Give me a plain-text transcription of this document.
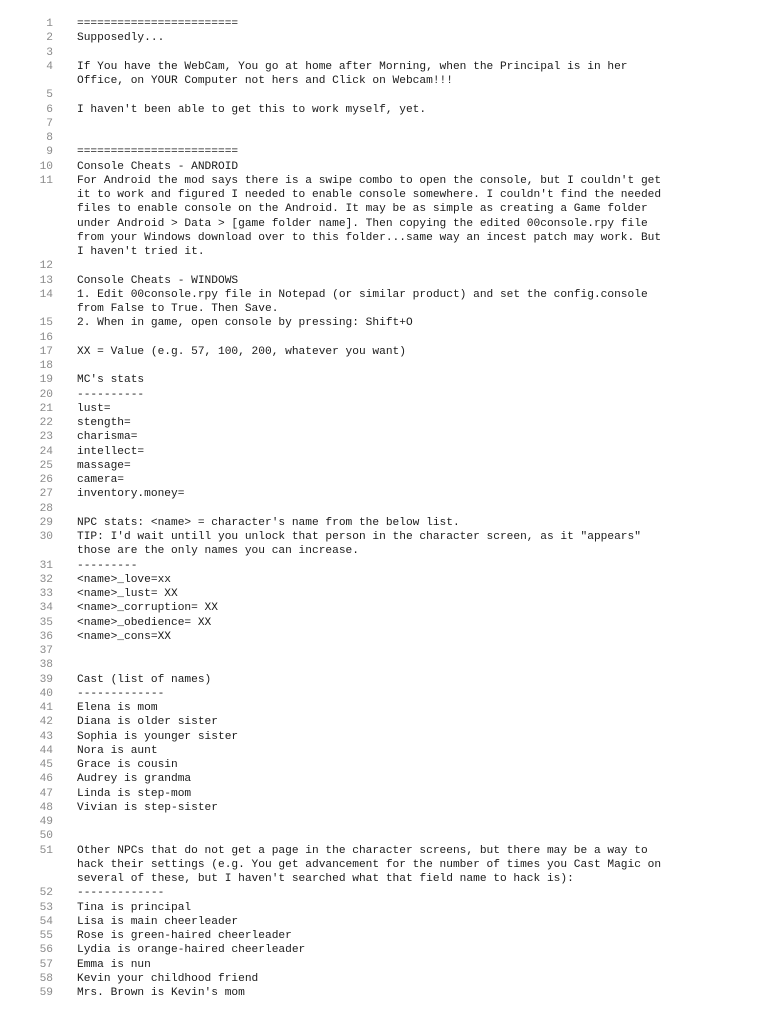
1 ========================
2 Supposedly...
3
4 If You have the WebCam, You go at home after Morning, when the Principal is in her
Office, on YOUR Computer not hers and Click on Webcam!!!
5
6 I haven't been able to get this to work myself, yet.
7
8
9 ========================
10 Console Cheats - ANDROID
11 For Android the mod says there is a swipe combo to open the console, but I couldn't get
it to work and figured I needed to enable console somewhere. I couldn't find the needed
files to enable console on the Android. It may be as simple as creating a Game folder
under Android > Data > [game folder name]. Then copying the edited 00console.rpy file
from your Windows download over to this folder...same way an incest patch may work. But
I haven't tried it.
12
13 Console Cheats - WINDOWS
14 1. Edit 00console.rpy file in Notepad (or similar product) and set the config.console
from False to True. Then Save.
15 2. When in game, open console by pressing: Shift+O
16
17 XX = Value (e.g. 57, 100, 200, whatever you want)
18
19 MC's stats
20 ----------
21 lust=
22 stength=
23 charisma=
24 intellect=
25 massage=
26 camera=
27 inventory.money=
28
29 NPC stats: <name> = character's name from the below list.
30 TIP: I'd wait untill you unlock that person in the character screen, as it "appears"
those are the only names you can increase.
31 ---------
32 <name>_love=xx
33 <name>_lust= XX
34 <name>_corruption= XX
35 <name>_obedience= XX
36 <name>_cons=XX
37
38
39 Cast (list of names)
40 -------------
41 Elena is mom
42 Diana is older sister
43 Sophia is younger sister
44 Nora is aunt
45 Grace is cousin
46 Audrey is grandma
47 Linda is step-mom
48 Vivian is step-sister
49
50
51 Other NPCs that do not get a page in the character screens, but there may be a way to
hack their settings (e.g. You get advancement for the number of times you Cast Magic on
several of these, but I haven't searched what that field name to hack is):
52 -------------
53 Tina is principal
54 Lisa is main cheerleader
55 Rose is green-haired cheerleader
56 Lydia is orange-haired cheerleader
57 Emma is nun
58 Kevin your childhood friend
59 Mrs. Brown is Kevin's mom
